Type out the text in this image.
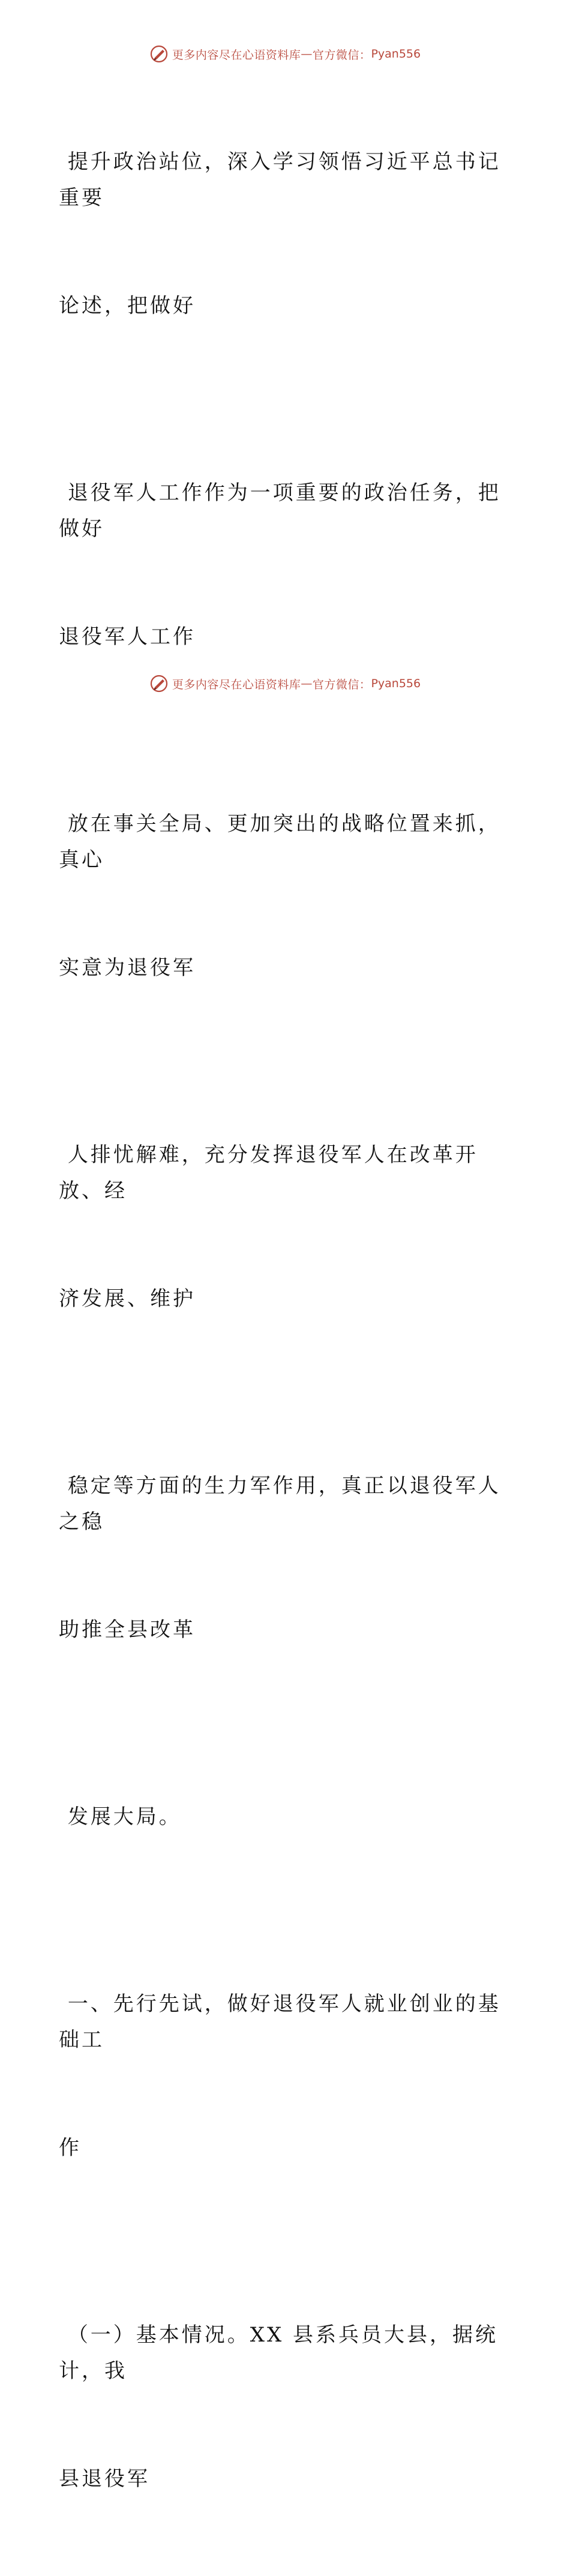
更多内容尽在心语资料库 — 官方微信： Pyan556

提升政治站位，深入学习领悟习近平总书记重要

论述，把做好

退役军人工作作为一项重要的政治任务，把做好

退役军人工作

放在事关全局、更加突出的战略位置来抓，真心

实意为退役军

人排忧解难，充分发挥退役军人在改革开放、经

济发展、维护

稳定等方面的生力军作用，真正以退役军人之稳

助推全县改革

发展大局。

一、先行先试，做好退役军人就业创业的基础工

作

（一）基本情况。XX 县系兵员大县，据统计，我

县退役军

更多内容尽在心语资料库 — 官方微信： Pyan556
